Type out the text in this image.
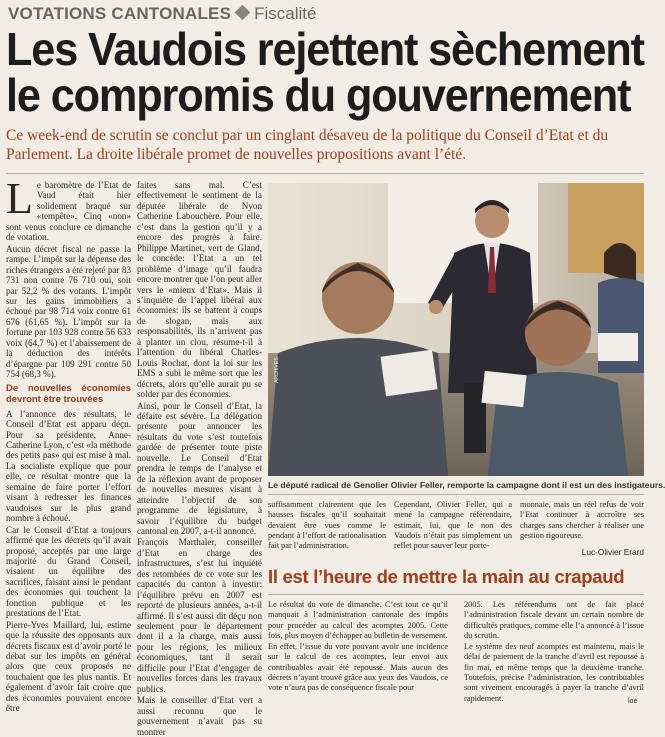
VOTATIONS CANTONALES Fiscalité
Les Vaudois rejettent sèchement
le compromis du gouvernement

Ce week-end de scrutin se conclut par un cinglant désaveu de la politique du Conseil d’Etat et du Parlement. La droite libérale promet de nouvelles propositions avant l’été.

Le baromètre de l’Etat de Vaud était hier solidement braqué sur «tempête». Cinq «non» sont venus conclure ce dimanche de votation.

Aucun décret fiscal ne passe la rampe. L’impôt sur la dépense des riches étrangers a été rejeté par 83 731 non contre 76 710 oui, soit par 52,2 % des votants. L’impôt sur les gains immobiliers a échoué par 98 714 voix contre 61 676 (61,65 %). L’impôt sur la fortune par 103 928 contre 56 633 voix (64,7 %) et l’abaissement de la déduction des intérêts d’épargne par 109 291 contre 50 754 (68,3 %).

De nouvelles économies devront être trouvées

A l’annonce des résultats, le Conseil d’Etat est apparu déçu. Pour sa présidente, Anne-Catherine Lyon, c’est «la méthode des petits pas» qui est mise à mal. La socialiste explique que pour elle, ce résultat montre que la semaine de faire porter l’effort visant à redresser les finances vaudoises sur le plus grand nombre à échoué.

Car le Conseil d’Etat a toujours affirmé que les décrets qu’il avait proposé, acceptés par une large majorité du Grand Conseil, visaient un équilibre des sacrifices, faisant ainsi le pendant des économies qui touchent la fonction publique et les prestations de l’Etat.

Pierre-Yves Maillard, lui, estime que la réussite des opposants aux décrets fiscaux est d’avoir porté le débat sur les impôts en général alors que ceux proposés ne touchaient que les plus nantis. Et également d’avoir fait croire que des économies pouvaient encore être

faites sans mal. C’est effectivement le sentiment de la députée libérale de Nyon Catherine Labouchère. Pour elle, c’est dans la gestion qu’il y a encore des progrès à faire. Philippe Martinet, vert de Gland, le concède: l’Etat a un tel problème d’image qu’il faudra encore montrer que l’on peut aller vers le «mieux d’Etat». Mais il s’inquiète de l’appel libéral aux économies: ils se battent à coups de slogan, mais aux responsabilités, ils n’arrivent pas à planter un clou, résume-t-il à l’attention du libéral Charles-Louis Rochat, dont la loi sur les EMS a subi le même sort que les décrets, alors qu’elle aurait pu se solder par des économies.

Ainsi, pour le Conseil d’Etat, la défaite est sévère. La délégation présente pour annoncer les résultats du vote s’est toutefois gardée de présenter toute piste nouvelle. Le Conseil d’Etat prendra le temps de l’analyse et de la réflexion avant de proposer de nouvelles mesures visant à atteindre l’objectif de son programme de législature, à savoir l’équilibre du budget cantonal en 2007, a-t-il annoncé.

François Marthaler, conseiller d’Etat en charge des infrastructures, s’est lui inquiété des retombées de ce vote sur les capacités du canton à investir: l’équilibre prévu en 2007 est reporté de plusieurs années, a-t-il affirmé. Il s’est aussi dit déçu non seulement pour le département dont il a la charge, mais aussi pour les régions, les milieux économiques, tant il serait difficile pour l’Etat d’engager de nouvelles forces dans les travaux publics.

Mais le conseiller d’Etat vert a aussi reconnu que le gouvernement n’avait pas su montrer

ARCHIVES
Le député radical de Genolier Olivier Feller, remporte la campagne dont il est un des instigateurs.

suffisamment clairement que les hausses fiscales qu’il souhaitait devaient être vues comme le pendant à l’effort de rationalisation fait par l’administration.

Cependant, Olivier Feller, qui a mené la campagne référendaire, estimait, lui, que le non des Vaudois n’était pas simplement un reflet pour sauver leur porte-

monnaie, mais un réel refus de voir l’Etat continuer à accroître ses charges sans chercher à réaliser une gestion rigoureuse.

Luc-Olivier Erard
Il est l’heure de mettre la main au crapaud

Le résultat du vote de dimanche. C’est tout ce qu’il manquait à l’administration cantonale des impôts pour procéder au calcul des acomptes 2005. Cette fois, plus moyen d’échapper au bulletin de versement.

En effet, l’issue du vote pouvant avoir une incidence sur le calcul de ces acomptes, leur envoi aux contribuables avait été repoussé. Mais aucun des décrets n’ayant trouvé grâce aux yeux des Vaudois, ce vote n’aura pas de conséquence fiscale pour

2005. Les référendums ont de fait placé l’administration fiscale devant un certain nombre de difficultés pratiques, comme elle l’a annoncé à l’issue du scrutin.

Le système des neuf acomptes est maintenu, mais le délai de paiement de la tranche d’avril est repoussé à fin mai, en même temps que la deuxième tranche. Toutefois, précise l’administration, les contribuables sont vivement encouragés à payer la tranche d’avril rapidement.	loe
